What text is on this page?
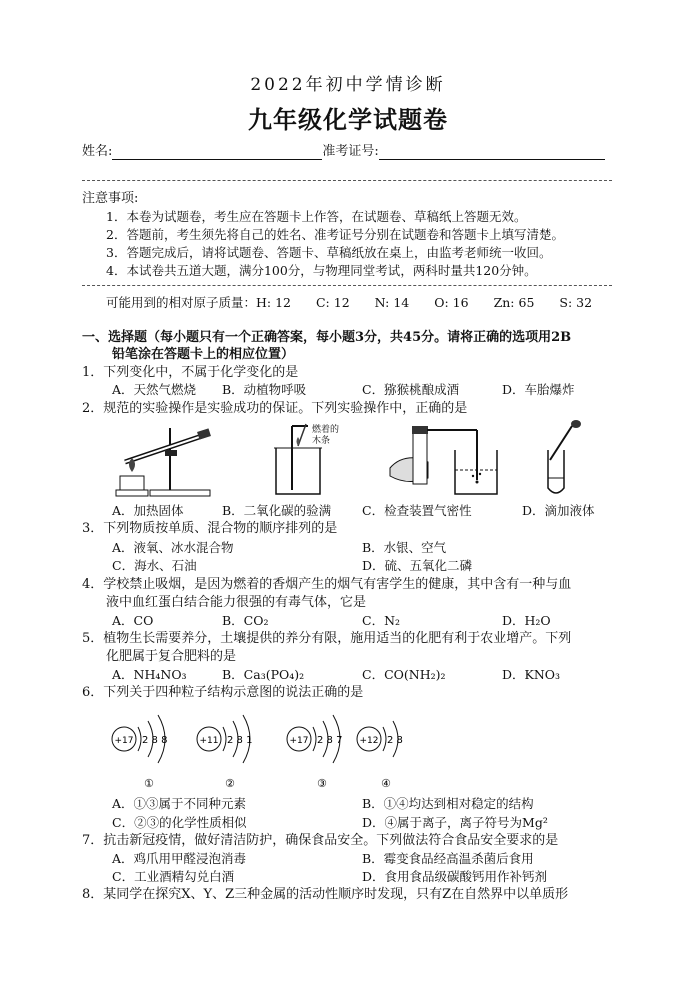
2022年初中学情诊断
九年级化学试题卷
姓名:	准考证号:
注意事项:
1．本卷为试题卷，考生应在答题卡上作答，在试题卷、草稿纸上答题无效。
2．答题前，考生须先将自己的姓名、准考证号分别在试题卷和答题卡上填写清楚。
3．答题完成后，请将试题卷、答题卡、草稿纸放在桌上，由监考老师统一收回。
4．本试卷共五道大题，满分100分，与物理同堂考试，两科时量共120分钟。
可能用到的相对原子质量：H: 12　　C: 12　　N: 14　　O: 16　　Zn: 65　　S: 32
一、选择题（每小题只有一个正确答案，每小题3分，共45分。请将正确的选项用2B
铅笔涂在答题卡上的相应位置）
1．下列变化中，不属于化学变化的是
A．天然气燃烧 B．动植物呼吸	C．猕猴桃酿成酒	D．车胎爆炸
2．规范的实验操作是实验成功的保证。下列实验操作中，正确的是
燃着的木条
A．加热固体	B．二氧化碳的验满 C．检查装置气密性	D．滴加液体
3．下列物质按单质、混合物的顺序排列的是
A．液氧、冰水混合物	B．水银、空气
C．海水、石油	D．硫、五氧化二磷
4．学校禁止吸烟，是因为燃着的香烟产生的烟气有害学生的健康，其中含有一种与血
液中血红蛋白结合能力很强的有毒气体，它是
A．CO	B．CO₂	C．N₂	D．H₂O
5．植物生长需要养分，土壤提供的养分有限，施用适当的化肥有利于农业增产。下列
化肥属于复合肥料的是
A．NH₄NO₃	B．Ca₃(PO₄)₂	C．CO(NH₂)₂	D．KNO₃
6．下列关于四种粒子结构示意图的说法正确的是
+17 2 8 8
①
+11 2 8 1
②
+17 2 8 7
③
+12 2 8
④
A．①③属于不同种元素	B．①④均达到相对稳定的结构
C．②③的化学性质相似	D．④属于离子，离子符号为Mg²
7．抗击新冠疫情，做好清洁防护，确保食品安全。下列做法符合食品安全要求的是
A．鸡爪用甲醛浸泡消毒	B．霉变食品经高温杀菌后食用
C．工业酒精勾兑白酒	D．食用食品级碳酸钙用作补钙剂
8．某同学在探究X、Y、Z三种金属的活动性顺序时发现，只有Z在自然界中以单质形
